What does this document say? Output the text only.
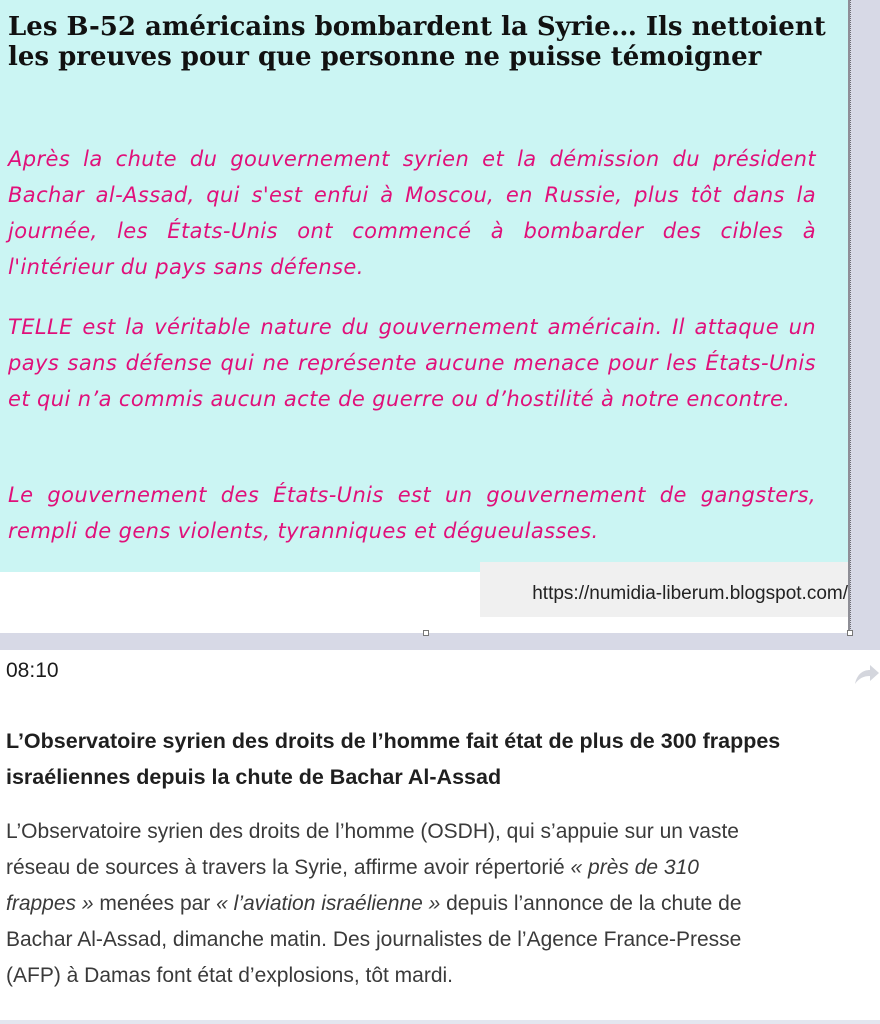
Les B-52 américains bombardent la Syrie… Ils nettoient les preuves pour que personne ne puisse témoigner

Après la chute du gouvernement syrien et la démission du président Bachar al-Assad, qui s'est enfui à Moscou, en Russie, plus tôt dans la journée, les États-Unis ont commencé à bombarder des cibles à l'intérieur du pays sans défense.

TELLE est la véritable nature du gouvernement américain. Il attaque un pays sans défense qui ne représente aucune menace pour les États-Unis et qui n’a commis aucun acte de guerre ou d’hostilité à notre encontre.

Le gouvernement des États-Unis est un gouvernement de gangsters, rempli de gens violents, tyranniques et dégueulasses.

https://numidia-liberum.blogspot.com/
08:10
L’Observatoire syrien des droits de l’homme fait état de plus de 300 frappes
israéliennes depuis la chute de Bachar Al-Assad
L’Observatoire syrien des droits de l’homme (OSDH), qui s’appuie sur un vaste
réseau de sources à travers la Syrie, affirme avoir répertorié « près de 310
frappes » menées par « l’aviation israélienne » depuis l’annonce de la chute de
Bachar Al-Assad, dimanche matin. Des journalistes de l’Agence France-Presse
(AFP) à Damas font état d’explosions, tôt mardi.
